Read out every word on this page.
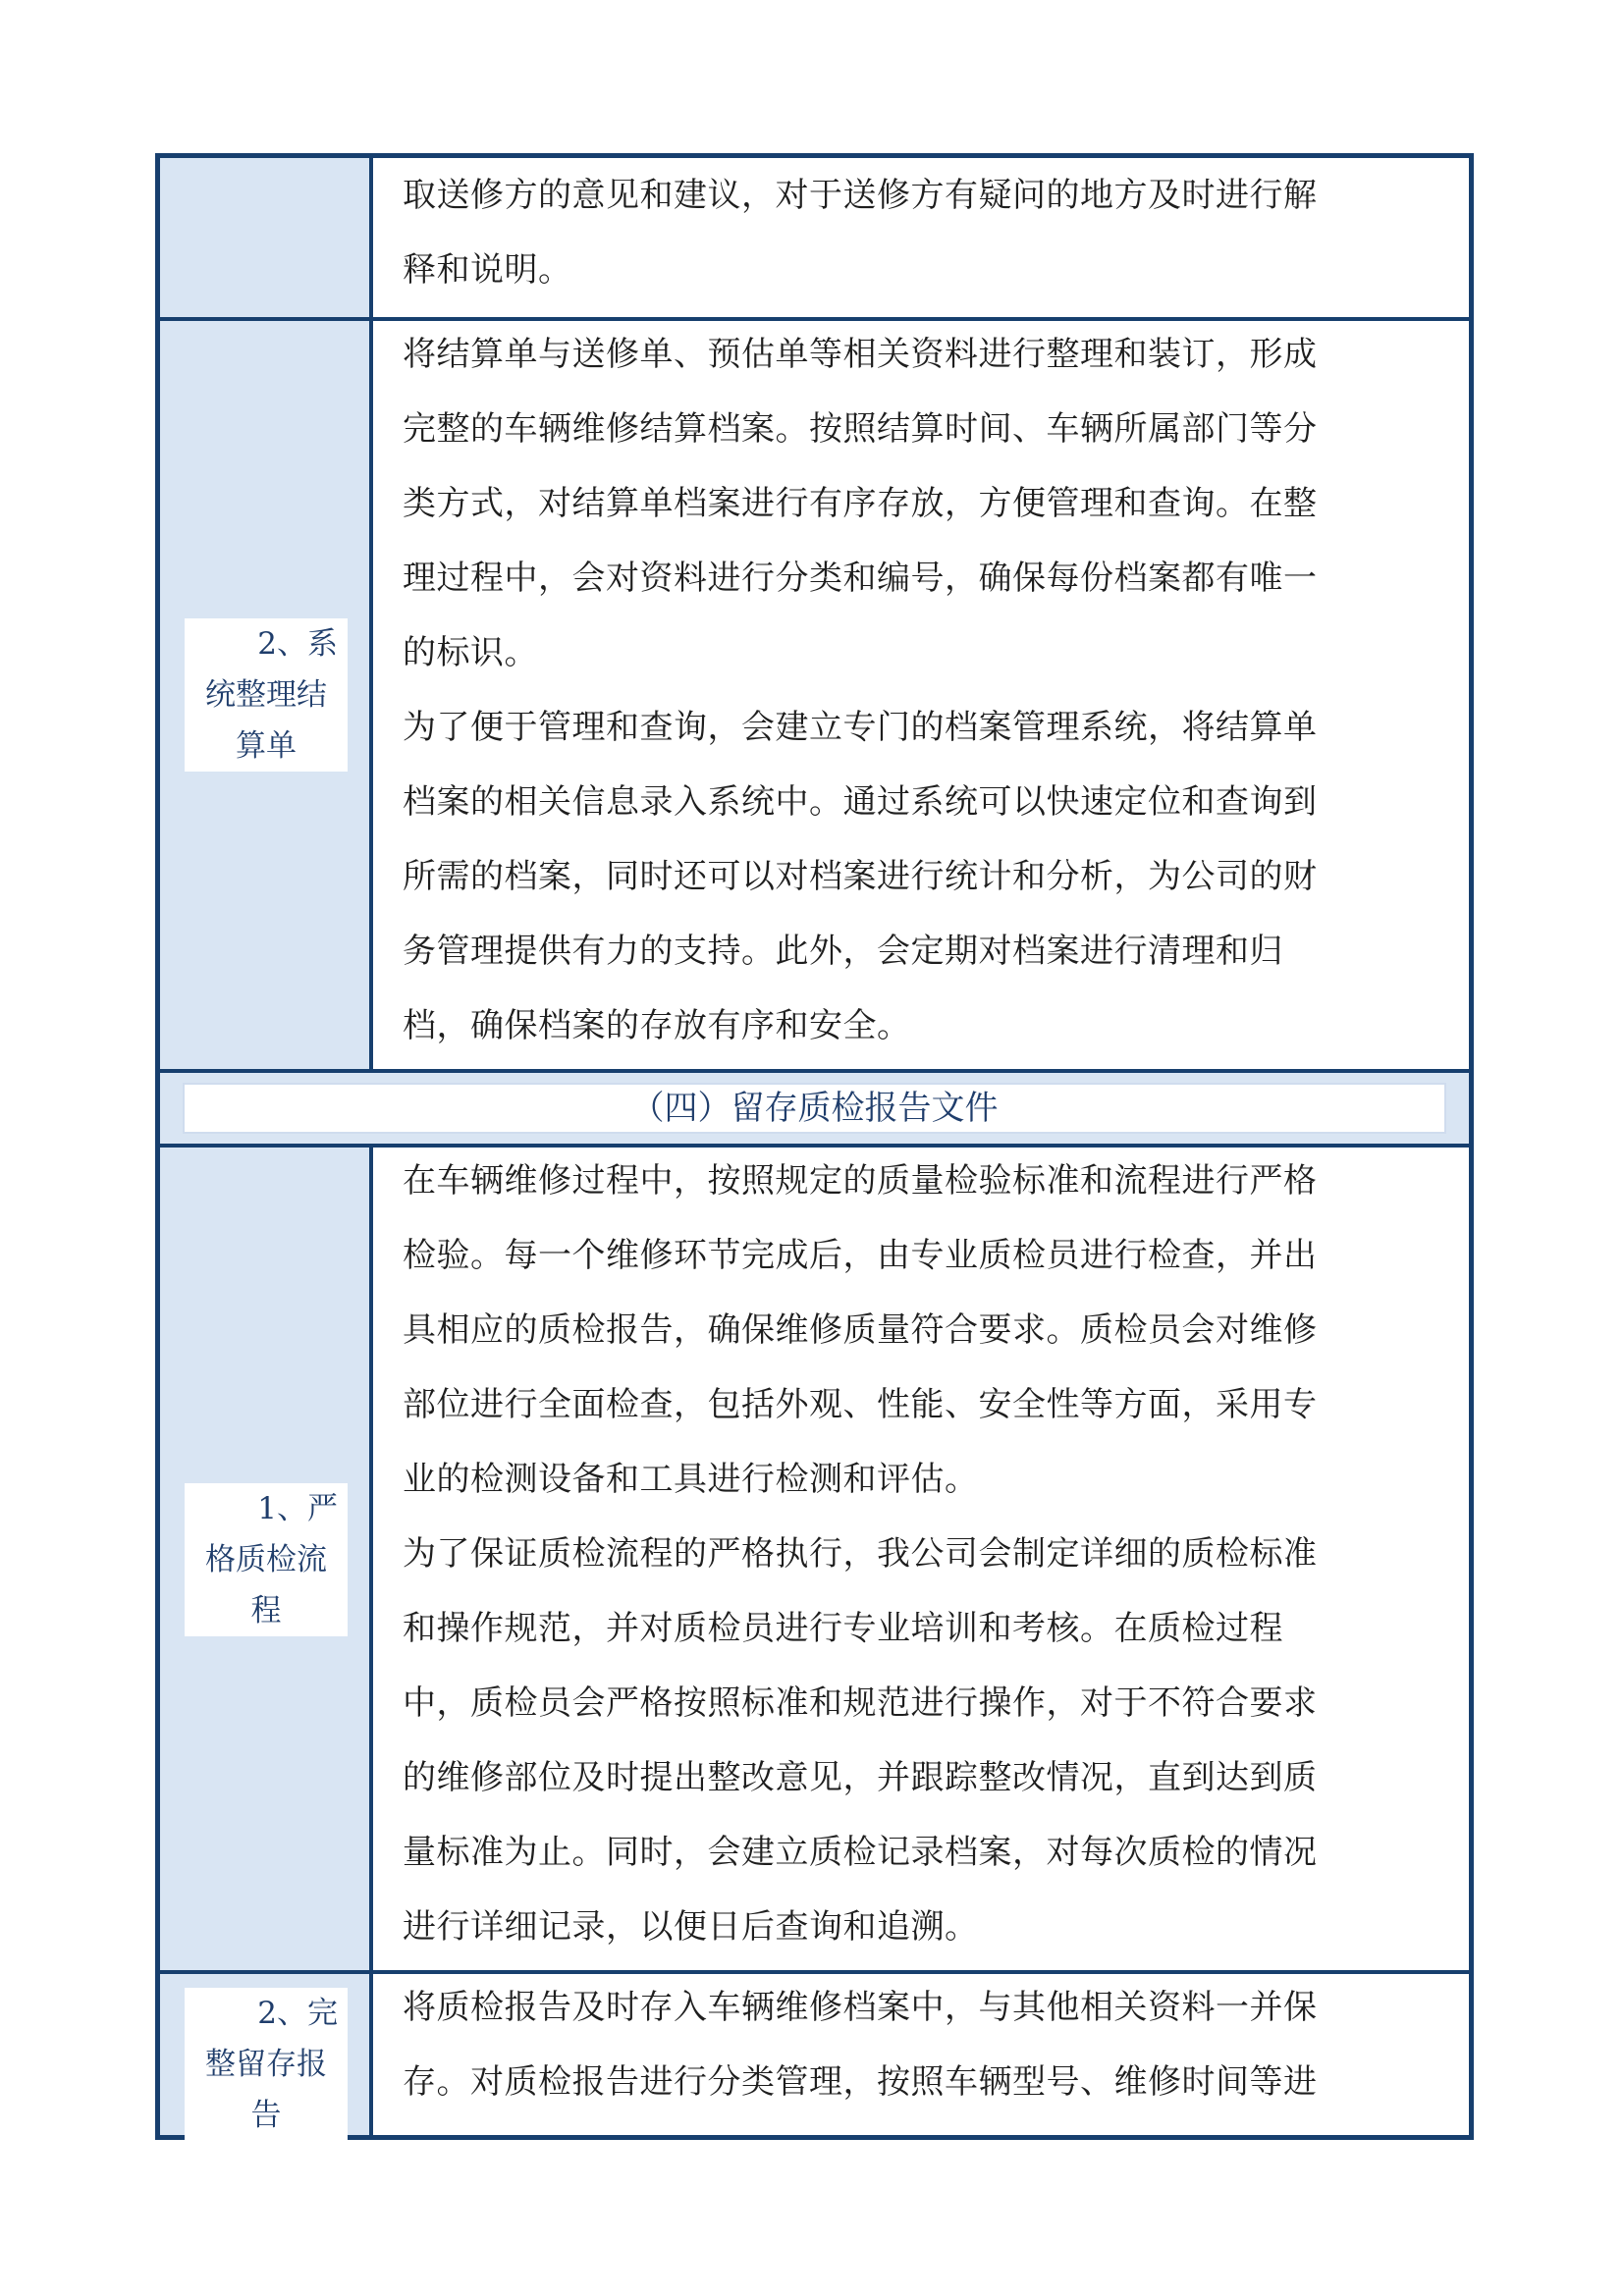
取送修方的意见和建议，对于送修方有疑问的地方及时进行解
释和说明。
2、系
统整理结
算单
将结算单与送修单、预估单等相关资料进行整理和装订，形成
完整的车辆维修结算档案。按照结算时间、车辆所属部门等分
类方式，对结算单档案进行有序存放，方便管理和查询。在整
理过程中，会对资料进行分类和编号，确保每份档案都有唯一
的标识。
为了便于管理和查询，会建立专门的档案管理系统，将结算单
档案的相关信息录入系统中。通过系统可以快速定位和查询到
所需的档案，同时还可以对档案进行统计和分析，为公司的财
务管理提供有力的支持。此外，会定期对档案进行清理和归
档，确保档案的存放有序和安全。
（四）留存质检报告文件
1、严
格质检流
程
在车辆维修过程中，按照规定的质量检验标准和流程进行严格
检验。每一个维修环节完成后，由专业质检员进行检查，并出
具相应的质检报告，确保维修质量符合要求。质检员会对维修
部位进行全面检查，包括外观、性能、安全性等方面，采用专
业的检测设备和工具进行检测和评估。
为了保证质检流程的严格执行，我公司会制定详细的质检标准
和操作规范，并对质检员进行专业培训和考核。在质检过程
中，质检员会严格按照标准和规范进行操作，对于不符合要求
的维修部位及时提出整改意见，并跟踪整改情况，直到达到质
量标准为止。同时，会建立质检记录档案，对每次质检的情况
进行详细记录，以便日后查询和追溯。
2、完
整留存报
告
将质检报告及时存入车辆维修档案中，与其他相关资料一并保
存。对质检报告进行分类管理，按照车辆型号、维修时间等进
